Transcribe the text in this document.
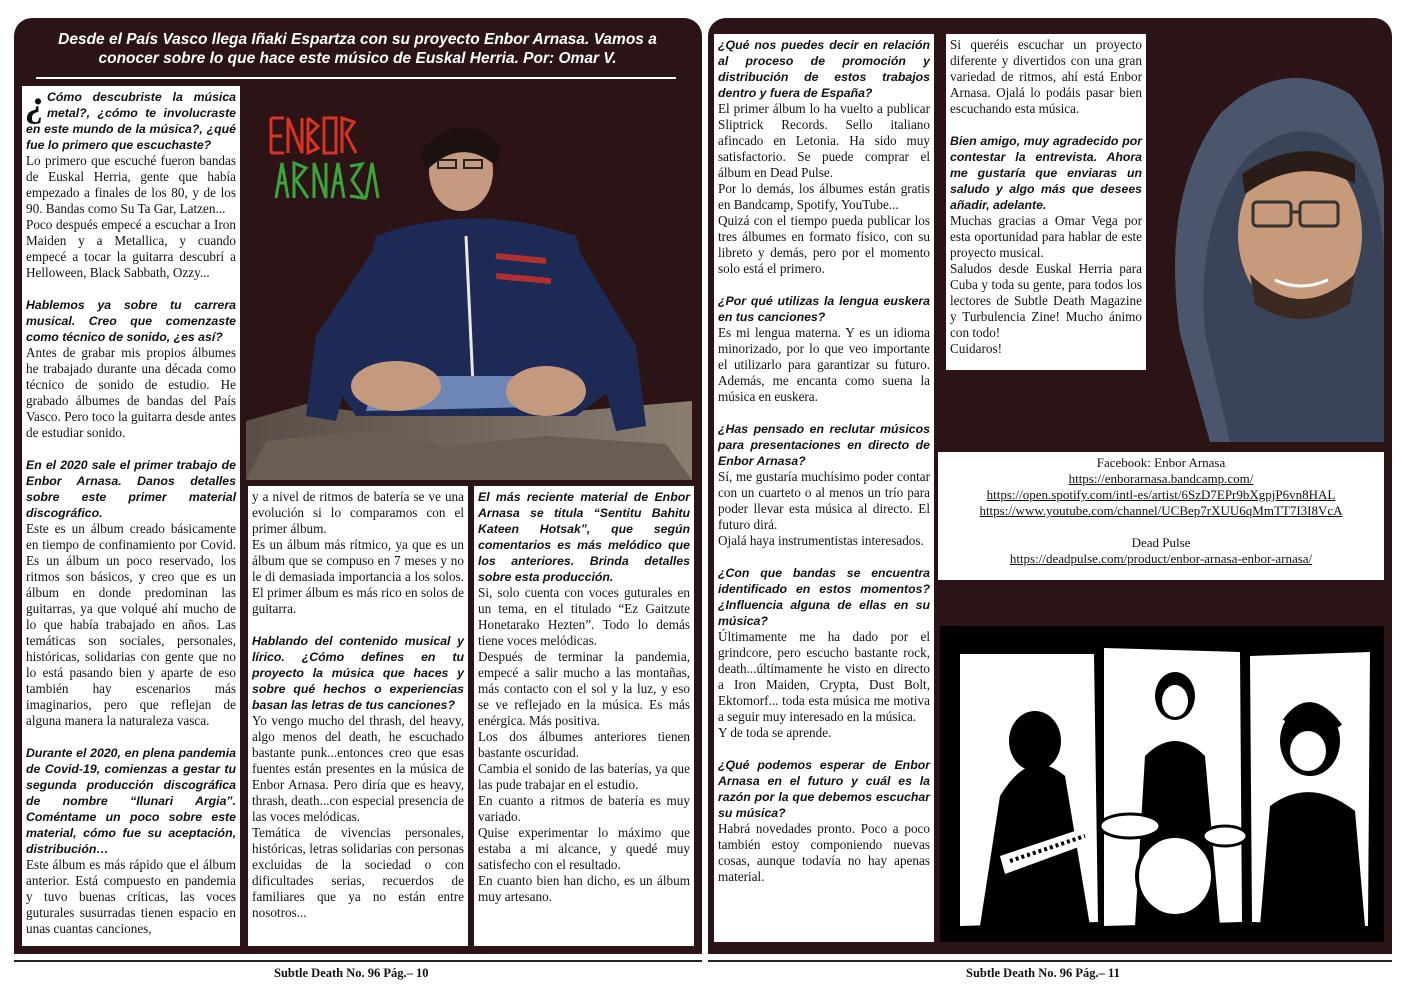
Desde el País Vasco llega Iñaki Espartza con su proyecto Enbor Arnasa. Vamos a conocer sobre lo que hace este músico de Euskal Herria. Por: Omar V.

¿ Cómo descubriste la música metal?, ¿cómo te involucraste en este mundo de la música?, ¿qué fue lo primero que escuchaste?

Lo primero que escuché fueron bandas de Euskal Herria, gente que había empezado a finales de los 80, y de los 90. Bandas como Su Ta Gar, Latzen...

Poco después empecé a escuchar a Iron Maiden y a Metallica, y cuando empecé a tocar la guitarra descubrí a Helloween, Black Sabbath, Ozzy...

Hablemos ya sobre tu carrera musical. Creo que comenzaste como técnico de sonido, ¿es así?

Antes de grabar mis propios álbumes he trabajado durante una década como técnico de sonido de estudio. He grabado álbumes de bandas del País Vasco. Pero toco la guitarra desde antes de estudiar sonido.

En el 2020 sale el primer trabajo de Enbor Arnasa. Danos detalles sobre este primer material discográfico.

Este es un álbum creado básicamente en tiempo de confinamiento por Covid. Es un álbum un poco reservado, los ritmos son básicos, y creo que es un álbum en donde predominan las guitarras, ya que volqué ahí mucho de lo que había trabajado en años. Las temáticas son sociales, personales, históricas, solidarias con gente que no lo está pasando bien y aparte de eso también hay escenarios más imaginarios, pero que reflejan de alguna manera la naturaleza vasca.

Durante el 2020, en plena pandemia de Covid-19, comienzas a gestar tu segunda producción discográfica de nombre “Ilunari Argia”. Coméntame un poco sobre este material, cómo fue su aceptación, distribución…

Este álbum es más rápido que el álbum anterior. Está compuesto en pandemia y tuvo buenas críticas, las voces guturales susurradas tienen espacio en unas cuantas canciones,

y a nivel de ritmos de batería se ve una evolución si lo comparamos con el primer álbum.

Es un álbum más rítmico, ya que es un álbum que se compuso en 7 meses y no le di demasiada importancia a los solos. El primer álbum es más rico en solos de guitarra.

Hablando del contenido musical y lírico. ¿Cómo defines en tu proyecto la música que haces y sobre qué hechos o experiencias basan las letras de tus canciones?

Yo vengo mucho del thrash, del heavy, algo menos del death, he escuchado bastante punk...entonces creo que esas fuentes están presentes en la música de Enbor Arnasa. Pero diría que es heavy, thrash, death...con especial presencia de las voces melódicas.

Temática de vivencias personales, históricas, letras solidarias con personas excluidas de la sociedad o con dificultades serias, recuerdos de familiares que ya no están entre nosotros...

El más reciente material de Enbor Arnasa se titula “Sentitu Bahitu Kateen Hotsak”, que según comentarios es más melódico que los anteriores. Brinda detalles sobre esta producción.

Si, solo cuenta con voces guturales en un tema, en el titulado “Ez Gaitzute Honetarako Hezten”. Todo lo demás tiene voces melódicas.

Después de terminar la pandemia, empecé a salir mucho a las montañas, más contacto con el sol y la luz, y eso se ve reflejado en la música. Es más enérgica. Más positiva.

Los dos álbumes anteriores tienen bastante oscuridad.

Cambia el sonido de las baterías, ya que las pude trabajar en el estudio.

En cuanto a ritmos de batería es muy variado.

Quise experimentar lo máximo que estaba a mi alcance, y quedé muy satisfecho con el resultado.

En cuanto bien han dicho, es un álbum muy artesano.

¿Qué nos puedes decir en relación al proceso de promoción y distribución de estos trabajos dentro y fuera de España?

El primer álbum lo ha vuelto a publicar Sliptrick Records. Sello italiano afincado en Letonia. Ha sido muy satisfactorio. Se puede comprar el álbum en Dead Pulse.

Por lo demás, los álbumes están gratis en Bandcamp, Spotify, YouTube...

Quizá con el tiempo pueda publicar los tres álbumes en formato físico, con su libreto y demás, pero por el momento solo está el primero.

¿Por qué utilizas la lengua euskera en tus canciones?

Es mi lengua materna. Y es un idioma minorizado, por lo que veo importante el utilizarlo para garantizar su futuro. Además, me encanta como suena la música en euskera.

¿Has pensado en reclutar músicos para presentaciones en directo de Enbor Arnasa?

Sí, me gustaría muchísimo poder contar con un cuarteto o al menos un trío para poder llevar esta música al directo. El futuro dirá.

Ojalá haya instrumentistas interesados.

¿Con que bandas se encuentra identificado en estos momentos? ¿Influencia alguna de ellas en su música?

Últimamente me ha dado por el grindcore, pero escucho bastante rock, death...últimamente he visto en directo a Iron Maiden, Crypta, Dust Bolt, Ektomorf... toda esta música me motiva a seguir muy interesado en la música.

Y de toda se aprende.

¿Qué podemos esperar de Enbor Arnasa en el futuro y cuál es la razón por la que debemos escuchar su música?

Habrá novedades pronto. Poco a poco también estoy componiendo nuevas cosas, aunque todavía no hay apenas material.

Si queréis escuchar un proyecto diferente y divertidos con una gran variedad de ritmos, ahí está Enbor Arnasa. Ojalá lo podáis pasar bien escuchando esta música.

Bien amigo, muy agradecido por contestar la entrevista. Ahora me gustaría que enviaras un saludo y algo más que desees añadir, adelante.

Muchas gracias a Omar Vega por esta oportunidad para hablar de este proyecto musical.

Saludos desde Euskal Herria para Cuba y toda su gente, para todos los lectores de Subtle Death Magazine y Turbulencia Zine! Mucho ánimo con todo!

Cuidaros!

Facebook: Enbor Arnasa
https://enborarnasa.bandcamp.com/
https://open.spotify.com/intl-es/artist/6SzD7EPr9bXgpjP6vn8HAL
https://www.youtube.com/channel/UCBep7rXUU6qMmTT7I3I8VcA
Dead Pulse
https://deadpulse.com/product/enbor-arnasa-enbor-arnasa/
Subtle Death No. 96 Pág.– 10	Subtle Death No. 96 Pág.– 11
